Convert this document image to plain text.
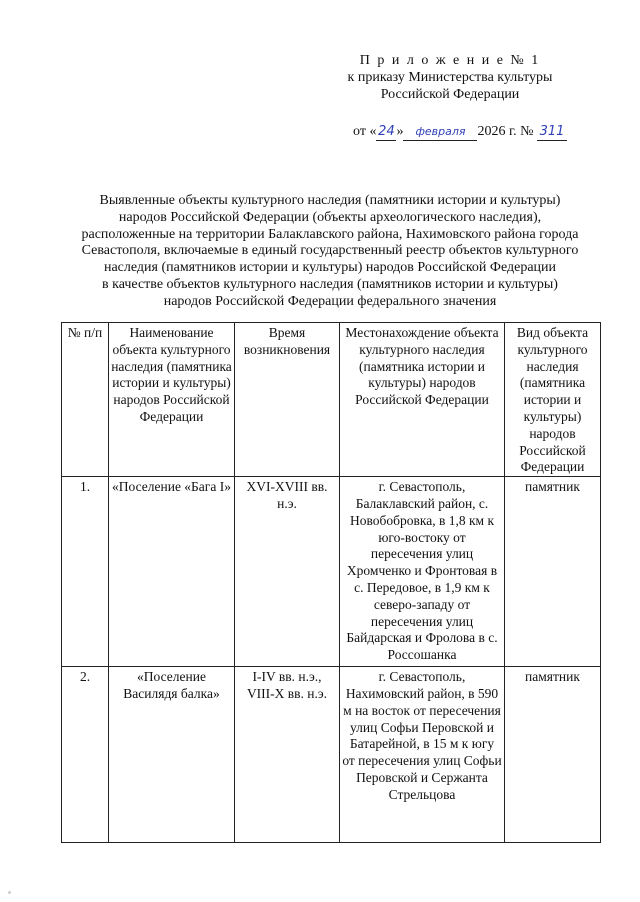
П р и л о ж е н и е № 1
к приказу Министерства культуры
Российской Федерации
от « 24 » февраля 2026 г. № 311
Выявленные объекты культурного наследия (памятники истории и культуры)
народов Российской Федерации (объекты археологического наследия),
расположенные на территории Балаклавского района, Нахимовского района города
Севастополя, включаемые в единый государственный реестр объектов культурного
наследия (памятников истории и культуры) народов Российской Федерации
в качестве объектов культурного наследия (памятников истории и культуры)
народов Российской Федерации федерального значения
№ п/п	Наименование объекта культурного наследия (памятника истории и культуры) народов Российской Федерации	Время возникновения	Местонахождение объекта культурного наследия (памятника истории и культуры) народов Российской Федерации	Вид объекта культурного наследия (памятника истории и культуры) народов Российской Федерации
1.	«Поселение «Бага I»	XVI-XVIII вв. н.э.	г. Севастополь, Балаклавский район, с. Новобобровка, в 1,8 км к юго-востоку от пересечения улиц Хромченко и Фронтовая в с. Передовое, в 1,9 км к северо-западу от пересечения улиц Байдарская и Фролова в с. Россошанка	памятник
2.	«Поселение Василядя балка»	I-IV вв. н.э., VIII-X вв. н.э.	г. Севастополь, Нахимовский район, в 590 м на восток от пересечения улиц Софьи Перовской и Батарейной, в 15 м к югу от пересечения улиц Софьи Перовской и Сержанта Стрельцова	памятник
